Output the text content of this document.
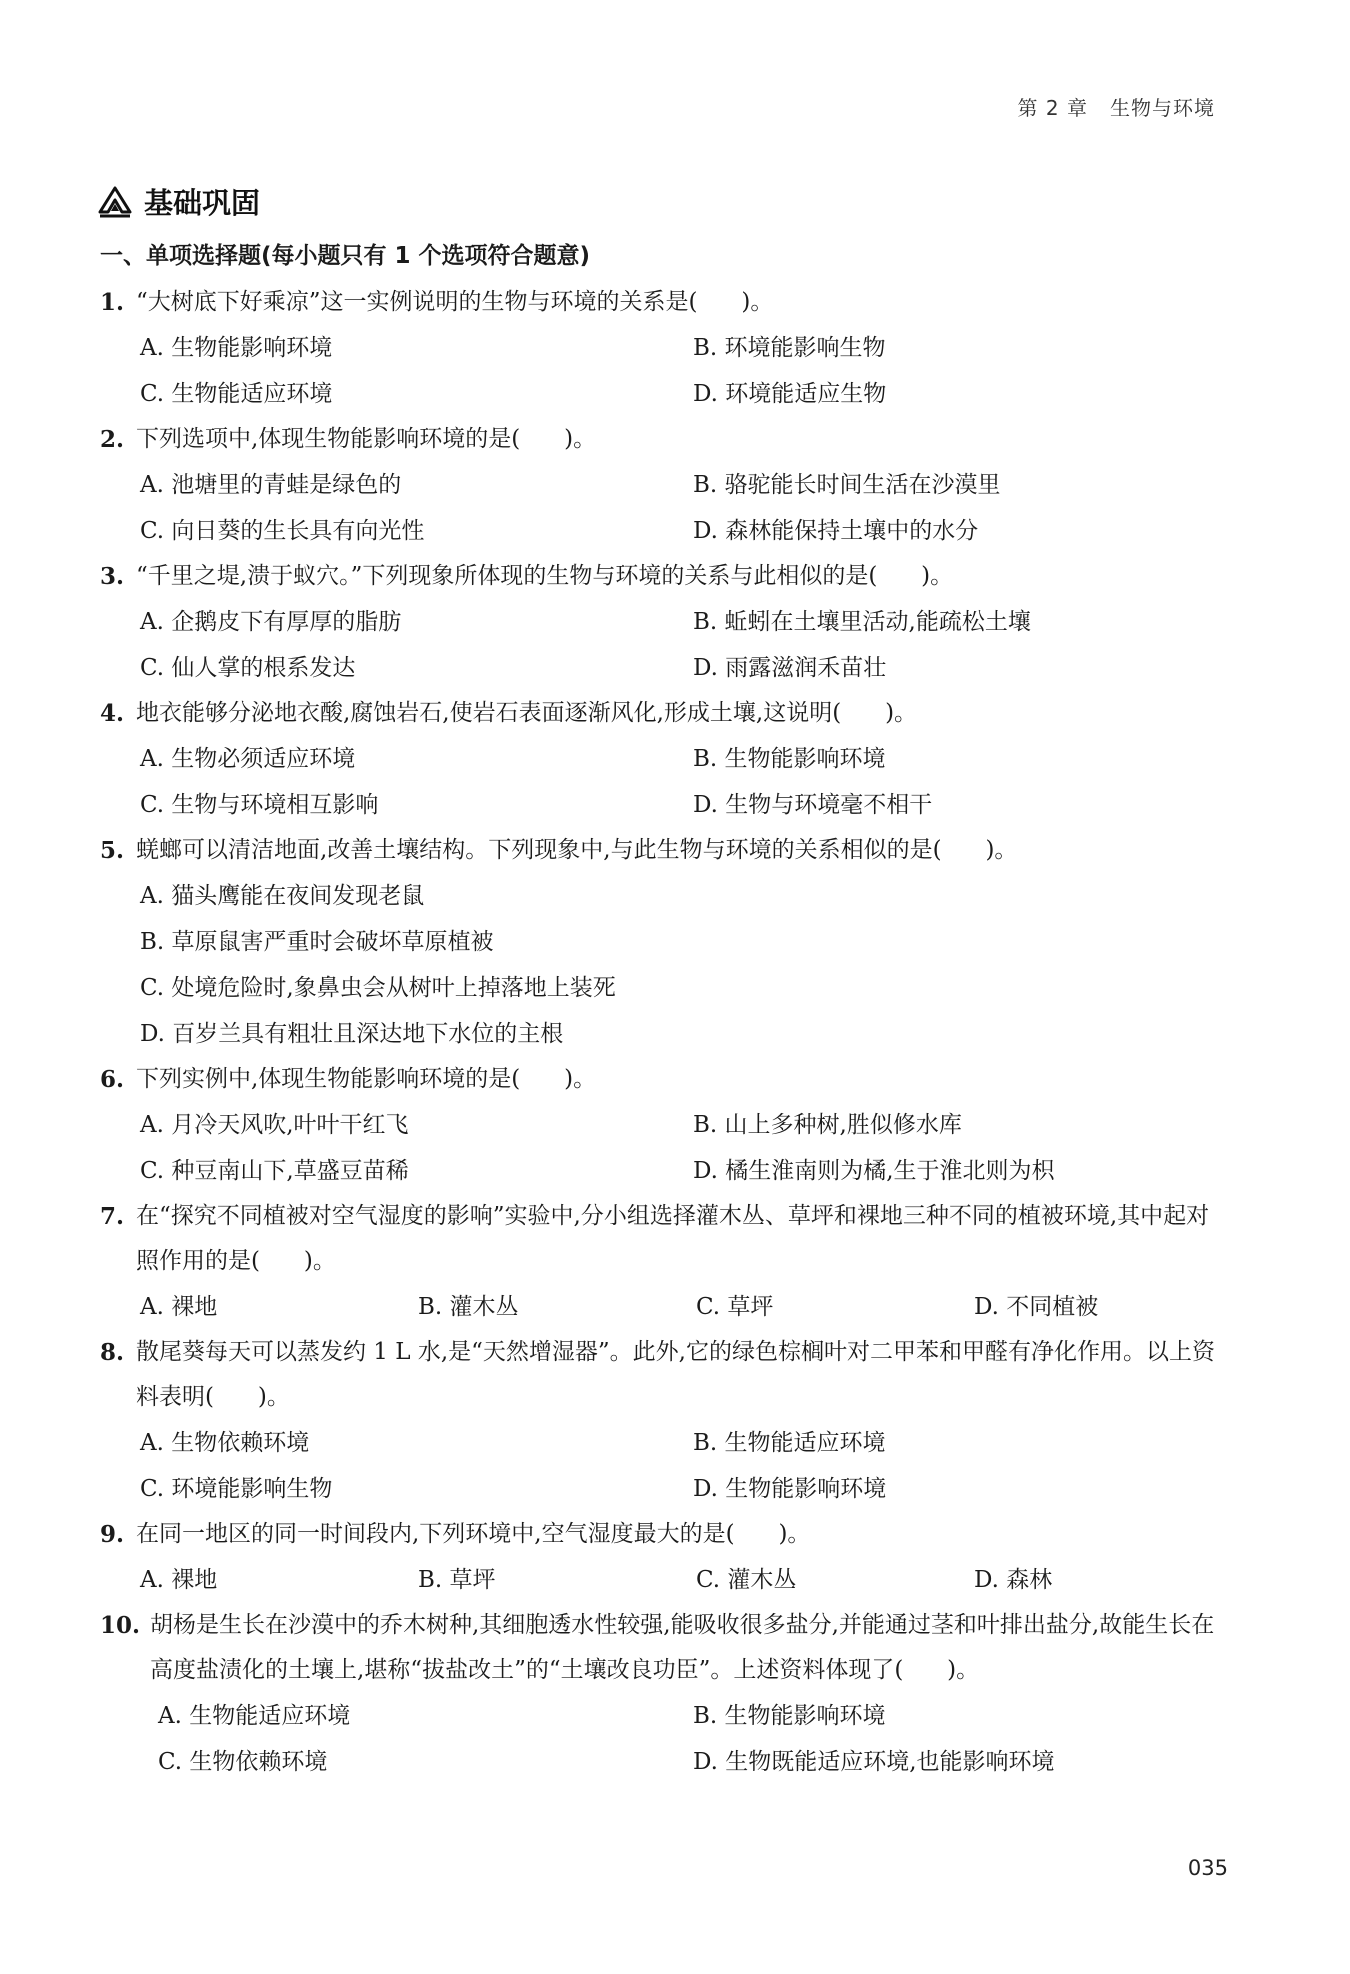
第 2 章 生物与环境
基础巩固
一、单项选择题(每小题只有 1 个选项符合题意)
1. “大树底下好乘凉”这一实例说明的生物与环境的关系是(      )。
A. 生物能影响环境	B. 环境能影响生物
C. 生物能适应环境	D. 环境能适应生物
2. 下列选项中,体现生物能影响环境的是(      )。
A. 池塘里的青蛙是绿色的	B. 骆驼能长时间生活在沙漠里
C. 向日葵的生长具有向光性	D. 森林能保持土壤中的水分
3. “千里之堤,溃于蚁穴。”下列现象所体现的生物与环境的关系与此相似的是(      )。
A. 企鹅皮下有厚厚的脂肪	B. 蚯蚓在土壤里活动,能疏松土壤
C. 仙人掌的根系发达	D. 雨露滋润禾苗壮
4. 地衣能够分泌地衣酸,腐蚀岩石,使岩石表面逐渐风化,形成土壤,这说明(      )。
A. 生物必须适应环境	B. 生物能影响环境
C. 生物与环境相互影响	D. 生物与环境毫不相干
5. 蜣螂可以清洁地面,改善土壤结构。下列现象中,与此生物与环境的关系相似的是(      )。
A. 猫头鹰能在夜间发现老鼠
B. 草原鼠害严重时会破坏草原植被
C. 处境危险时,象鼻虫会从树叶上掉落地上装死
D. 百岁兰具有粗壮且深达地下水位的主根
6. 下列实例中,体现生物能影响环境的是(      )。
A. 月冷天风吹,叶叶干红飞	B. 山上多种树,胜似修水库
C. 种豆南山下,草盛豆苗稀	D. 橘生淮南则为橘,生于淮北则为枳
7. 在“探究不同植被对空气湿度的影响”实验中,分小组选择灌木丛、草坪和裸地三种不同的植被环境,其中起对照作用的是(      )。
A. 裸地	B. 灌木丛	C. 草坪	D. 不同植被
8. 散尾葵每天可以蒸发约 1 L 水,是“天然增湿器”。此外,它的绿色棕榈叶对二甲苯和甲醛有净化作用。以上资料表明(      )。
A. 生物依赖环境	B. 生物能适应环境
C. 环境能影响生物	D. 生物能影响环境
9. 在同一地区的同一时间段内,下列环境中,空气湿度最大的是(      )。
A. 裸地	B. 草坪	C. 灌木丛	D. 森林
10. 胡杨是生长在沙漠中的乔木树种,其细胞透水性较强,能吸收很多盐分,并能通过茎和叶排出盐分,故能生长在高度盐渍化的土壤上,堪称“拔盐改土”的“土壤改良功臣”。上述资料体现了(      )。
A. 生物能适应环境	B. 生物能影响环境
C. 生物依赖环境	D. 生物既能适应环境,也能影响环境
035
